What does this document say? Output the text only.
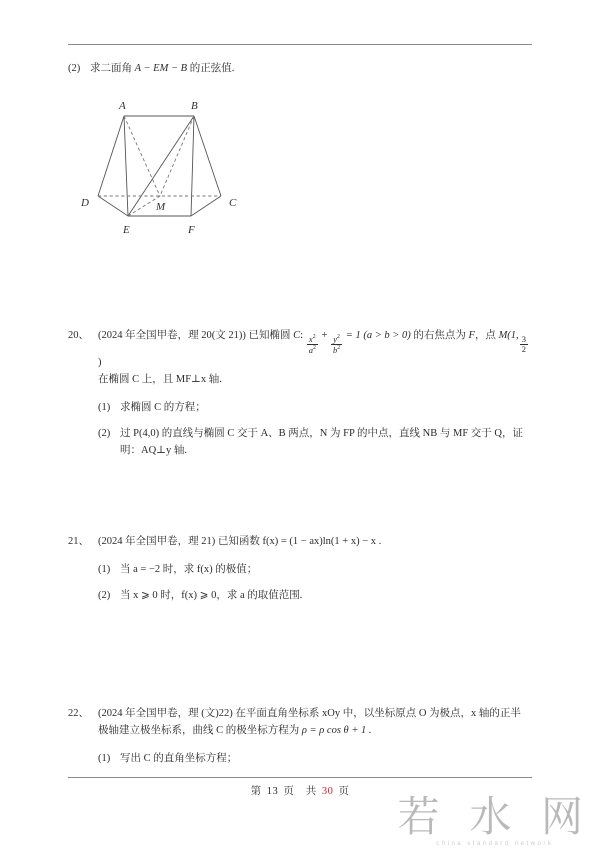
(2) 求二面角 A − EM − B 的正弦值.
20、 (2024 年全国甲卷，理 20(文 21)) 已知椭圆 C: $\frac{x^2}{a^2} + \frac{y^2}{b^2} = 1$ (a > b > 0) 的右焦点为 F，点 M(1, $\frac{3}{2}$
)
在椭圆 C 上，且 MF⊥x 轴.
(1) 求椭圆 C 的方程；
(2) 过 P(4,0) 的直线与椭圆 C 交于 A、B 两点，N 为 FP 的中点，直线 NB 与 MF 交于 Q，证
明：AQ⊥y 轴.
21、 (2024 年全国甲卷，理 21) 已知函数 f(x) = (1 − ax)ln(1 + x) − x .
(1) 当 a = −2 时，求 f(x) 的极值；
(2) 当 x ⩾ 0 时，f(x) ⩾ 0，求 a 的取值范围.
22、 (2024 年全国甲卷，理 (文)22) 在平面直角坐标系 xOy 中，以坐标原点 O 为极点，x 轴的正半
极轴建立极坐标系，曲线 C 的极坐标方程为 ρ = ρ cos θ + 1 .
(1) 写出 C 的直角坐标方程；
A	B
D	C
E	F
M
第 13 页 共 30 页
若 水 网
china standard network
